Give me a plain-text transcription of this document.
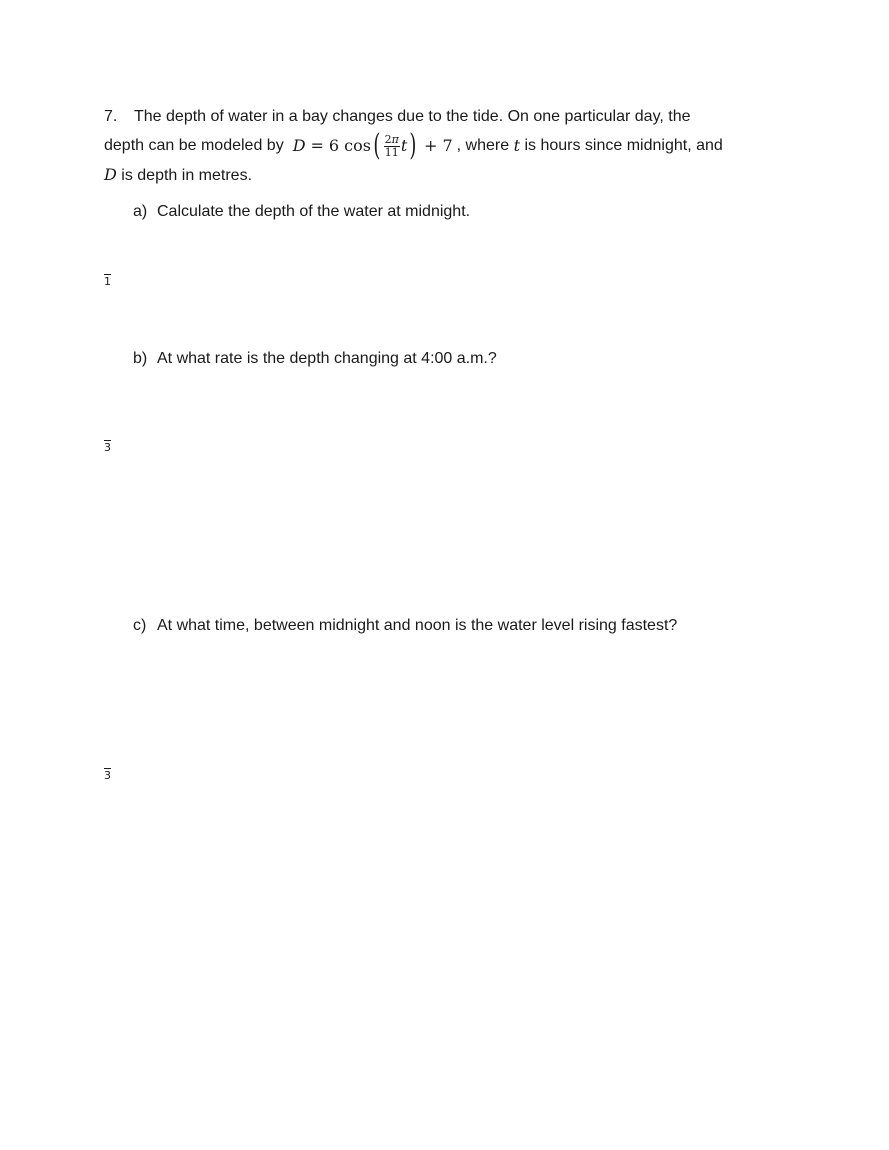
7. The depth of water in a bay changes due to the tide. On one particular day, the
depth can be modeled by D = 6 cos ( $\frac{2\pi}{11}$ t ) + 7 ,
where
t
is hours since midnight, and
D is depth in metres.
a) Calculate the depth of the water at midnight.
1
b) At what rate is the depth changing at 4:00 a.m.?
3
c) At what time, between midnight and noon is the water level rising fastest?
3
